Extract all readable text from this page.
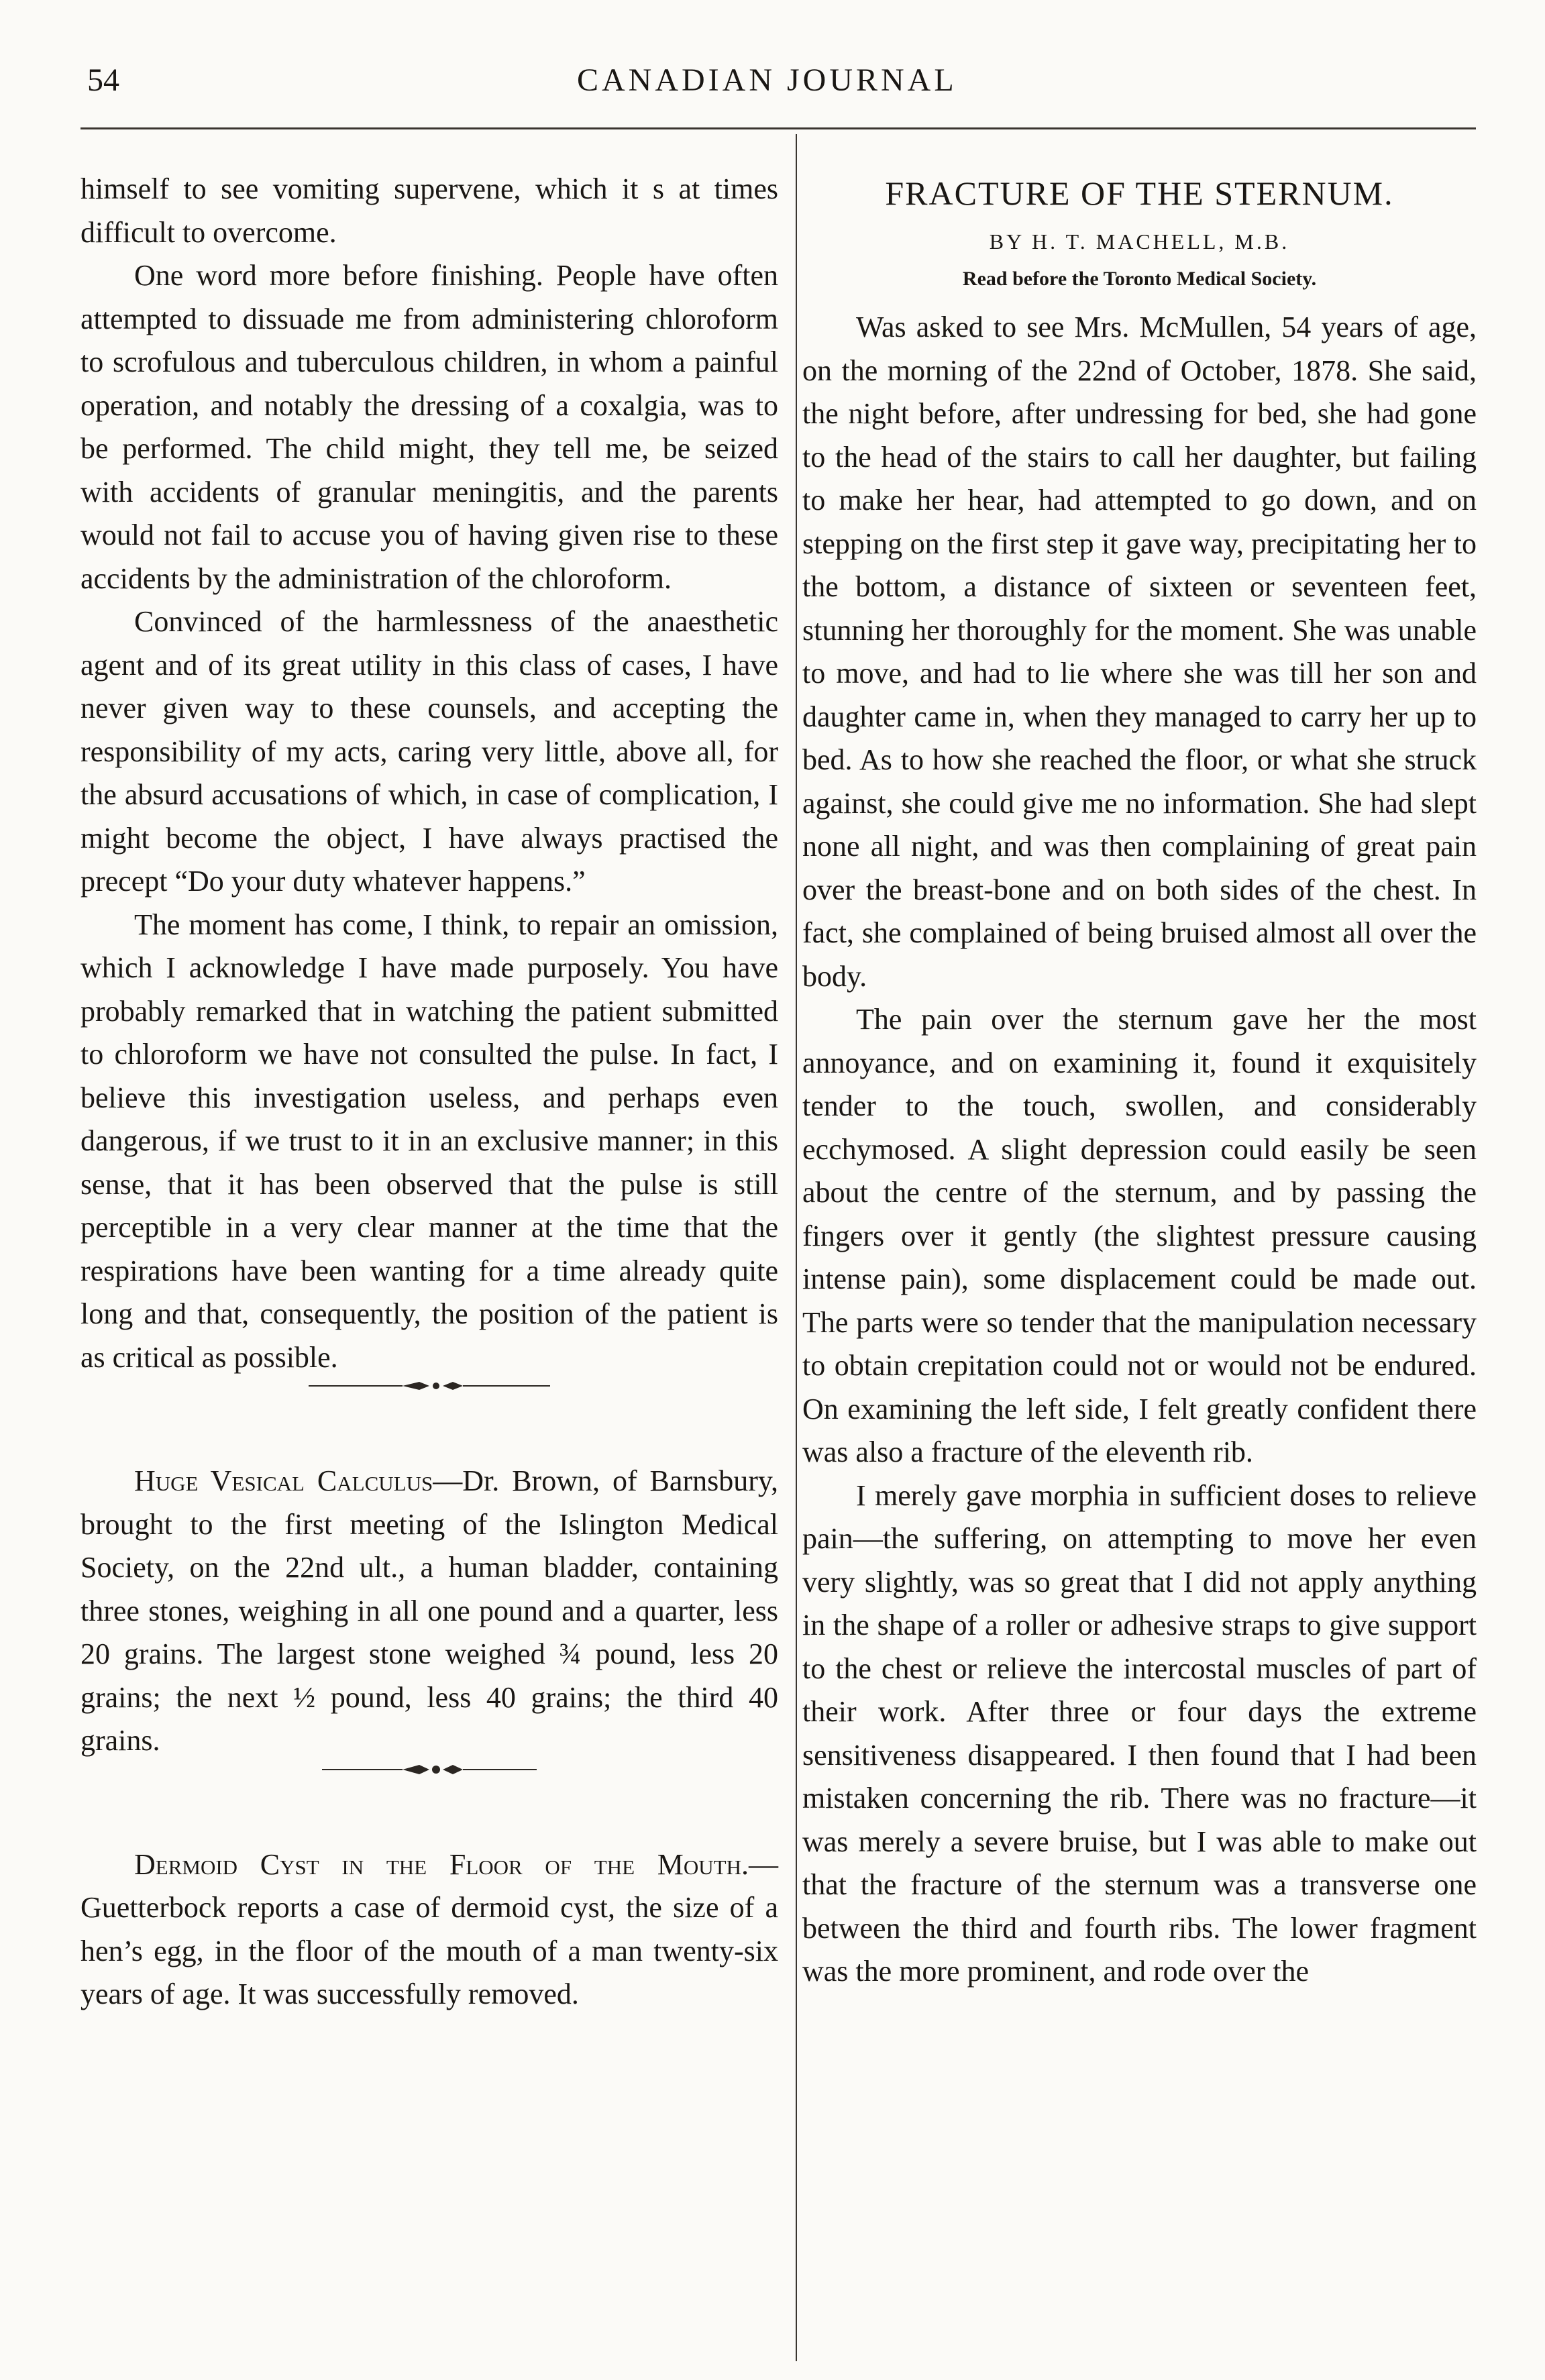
54	CANADIAN JOURNAL

himself to see vomiting supervene, which it s at times difficult to overcome.

One word more before finishing. People have often attempted to dissuade me from administering chloroform to scrofulous and tuberculous children, in whom a painful operation, and notably the dressing of a coxalgia, was to be performed. The child might, they tell me, be seized with accidents of granular meningitis, and the parents would not fail to accuse you of having given rise to these accidents by the administration of the chloroform.

Convinced of the harmlessness of the anaesthetic agent and of its great utility in this class of cases, I have never given way to these counsels, and accepting the responsibility of my acts, caring very little, above all, for the absurd accusations of which, in case of complication, I might become the object, I have always practised the precept “Do your duty whatever happens.”

The moment has come, I think, to repair an omission, which I acknowledge I have made purposely. You have probably remarked that in watching the patient submitted to chloroform we have not consulted the pulse. In fact, I believe this investigation useless, and perhaps even dangerous, if we trust to it in an exclusive manner; in this sense, that it has been observed that the pulse is still perceptible in a very clear manner at the time that the respirations have been wanting for a time already quite long and that, consequently, the position of the patient is as critical as possible.

Huge Vesical Calculus—Dr. Brown, of Barnsbury, brought to the first meeting of the Islington Medical Society, on the 22nd ult., a human bladder, containing three stones, weighing in all one pound and a quarter, less 20 grains. The largest stone weighed ¾ pound, less 20 grains; the next ½ pound, less 40 grains; the third 40 grains.

Dermoid Cyst in the Floor of the Mouth.—Guetterbock reports a case of dermoid cyst, the size of a hen’s egg, in the floor of the mouth of a man twenty-six years of age. It was successfully removed.

FRACTURE OF THE STERNUM.
BY H. T. MACHELL, M.B.
Read before the Toronto Medical Society.

Was asked to see Mrs. McMullen, 54 years of age, on the morning of the 22nd of October, 1878. She said, the night before, after undressing for bed, she had gone to the head of the stairs to call her daughter, but failing to make her hear, had attempted to go down, and on stepping on the first step it gave way, precipitating her to the bottom, a distance of sixteen or seventeen feet, stunning her thoroughly for the moment. She was unable to move, and had to lie where she was till her son and daughter came in, when they managed to carry her up to bed. As to how she reached the floor, or what she struck against, she could give me no information. She had slept none all night, and was then complaining of great pain over the breast-bone and on both sides of the chest. In fact, she complained of being bruised almost all over the body.

The pain over the sternum gave her the most annoyance, and on examining it, found it exquisitely tender to the touch, swollen, and considerably ecchymosed. A slight depression could easily be seen about the centre of the sternum, and by passing the fingers over it gently (the slightest pressure causing intense pain), some displacement could be made out. The parts were so tender that the manipulation necessary to obtain crepitation could not or would not be endured. On examining the left side, I felt greatly confident there was also a fracture of the eleventh rib.

I merely gave morphia in sufficient doses to relieve pain—the suffering, on attempting to move her even very slightly, was so great that I did not apply anything in the shape of a roller or adhesive straps to give support to the chest or relieve the intercostal muscles of part of their work. After three or four days the extreme sensitiveness disappeared. I then found that I had been mistaken concerning the rib. There was no fracture—it was merely a severe bruise, but I was able to make out that the fracture of the sternum was a transverse one between the third and fourth ribs. The lower fragment was the more prominent, and rode over the
